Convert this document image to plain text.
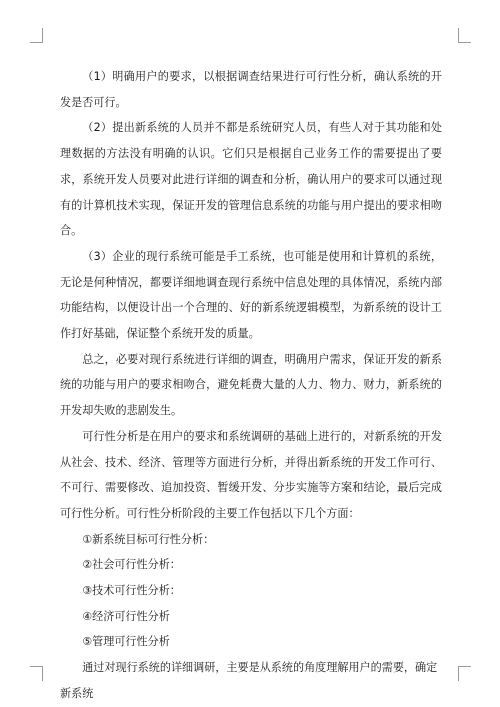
（1）明确用户的要求，以根据调查结果进行可行性分析，确认系统的开发是否可行。

（2）提出新系统的人员并不都是系统研究人员，有些人对于其功能和处理数据的方法没有明确的认识。它们只是根据自己业务工作的需要提出了要求，系统开发人员要对此进行详细的调查和分析，确认用户的要求可以通过现有的计算机技术实现，保证开发的管理信息系统的功能与用户提出的要求相吻合。

（3）企业的现行系统可能是手工系统，也可能是使用和计算机的系统，无论是何种情况，都要详细地调查现行系统中信息处理的具体情况，系统内部功能结构，以便设计出一个合理的、好的新系统逻辑模型，为新系统的设计工作打好基础，保证整个系统开发的质量。

总之，必要对现行系统进行详细的调查，明确用户需求，保证开发的新系统的功能与用户的要求相吻合，避免耗费大量的人力、物力、财力，新系统的开发却失败的悲剧发生。

可行性分析是在用户的要求和系统调研的基础上进行的，对新系统的开发从社会、技术、经济、管理等方面进行分析，并得出新系统的开发工作可行、不可行、需要修改、追加投资、暂缓开发、分步实施等方案和结论，最后完成可行性分析。可行性分析阶段的主要工作包括以下几个方面：

①新系统目标可行性分析：

②社会可行性分析：

③技术可行性分析：

④经济可行性分析

⑤管理可行性分析

通过对现行系统的详细调研，主要是从系统的角度理解用户的需要，确定新系统
